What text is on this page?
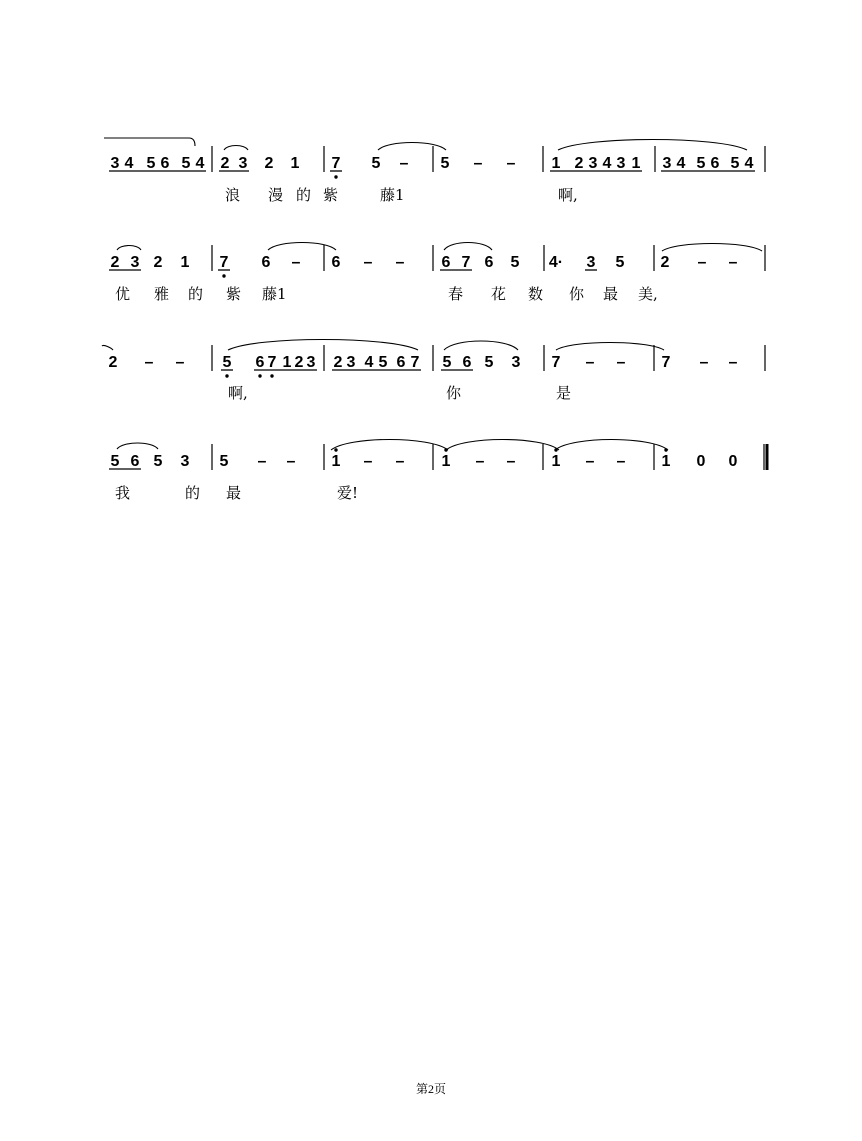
3 4 5 6 5 4 2 3 2 1 7 5 – 5 – – 1 2 3 4 3 1 3 4 5 6 5 4
浪 漫 的 紫	藤1	啊,
2 3 2 1 7 6 – 6 – – 6 7 6 5 4· 3 5 2 – –
优 雅 的 紫 藤1	春 花 数 你 最 美,
2 – – 5 6 7 1 2 3 2 3 4 5 6 7 5 6 5 3 7 – – 7 – –
啊,	你	是
5 6 5 3 5 – – 1 – – 1 – – 1 – – 1 0 0
我	的 最	爱!
第2页
